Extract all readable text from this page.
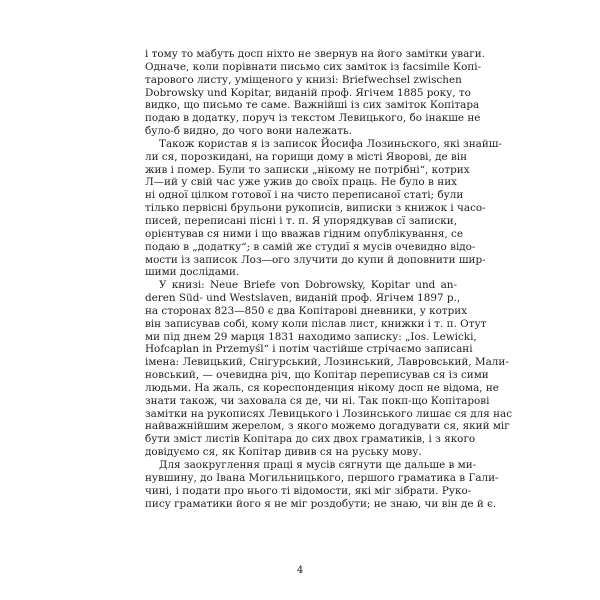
і тому то мабуть досп ніхто не звернув на його замітки уваги.
Одначе, коли порівнати письмо сих заміток із facsimile Копі-
тарового листу, уміщеного у книзі: Briefwechsel zwischen
Dobrowsky und Kopitar, виданій проф. Ягічем 1885 року, то
видко, що письмо те саме. Важнійші із сих заміток Копітара
подаю в додатку, поруч із текстом Левицького, бо інакше не
було-б видно, до чого вони належать.
Також користав я із записок Йосифа Лозиньского, які знайш-
ли ся, порозкидані, на горищи дому в місті Яворові, де він
жив і помер. Були то записки „нікому не потрібні“, котрих
Л—ий у свій час уже ужив до своїх праць. Не було в них
ні одної цілком готової і на чисто переписаної статі; були
тілько первісні брульони рукописів, виписки з книжок і часо-
писей, переписані пісні і т. п. Я упорядкував сї записки,
орієнтував ся ними і що вважав гідним опублікування, се
подаю в „додатку“; в самій же студиї я мусів очевидно відо-
мости із записок Лоз—ого злучити до купи й доповнити шир-
шими дослідами.
У книзі: Neue Briefe von Dobrowsky, Kopitar und an-
deren Süd- und Westslaven, виданій проф. Ягічем 1897 р.,
на сторонах 823—850 є два Копітарові дневники, у котрих
він записував собі, кому коли післав лист, книжки і т. п. Отут
ми під днем 29 марця 1831 находимо записку: „Ios. Lewicki,
Hofcaplan in Przemyśl“ і потім частійше стрічаємо записані
імена: Левицький, Снігурський, Лозинський, Лавровський, Мали-
новський, — очевидна річ, що Копітар переписував ся із сими
людьми. На жаль, ся кореспонденция нікому досп не відома, не
знати також, чи заховала ся де, чи ні. Так покп-що Копітарові
замітки на рукописях Левицького і Лозинського лишає ся для нас
найважнійшим жерелом, з якого можемо догадувати ся, який міг
бути зміст листів Копітара до сих двох граматиків, і з якого
довідуємо ся, як Копітар дивив ся на руську мову.
Для заокруглення праці я мусів сягнути ще дальше в ми-
нувшину, до Івана Могильницького, першого граматика в Гали-
чині, і подати про нього ті відомости, які міг зібрати. Руко-
пису граматики його я не міг роздобути; не знаю, чи він де й є.
4
